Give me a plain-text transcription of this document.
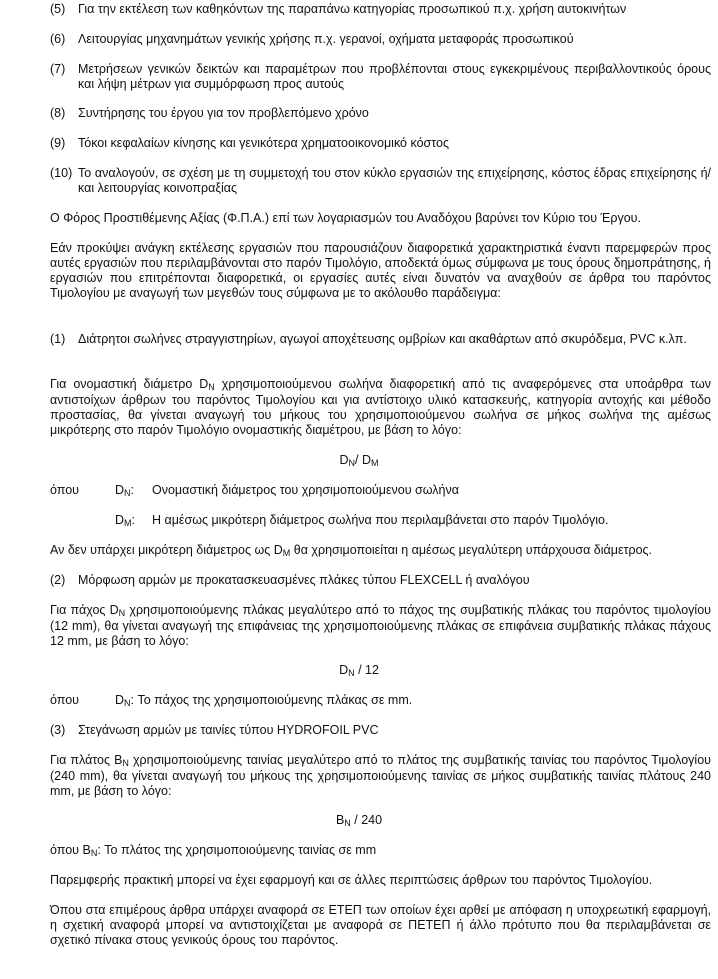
(5)	Για την εκτέλεση των καθηκόντων της παραπάνω κατηγορίας προσωπικού π.χ. χρήση αυτοκινήτων
(6)	Λειτουργίας μηχανημάτων γενικής χρήσης π.χ. γερανοί, οχήματα μεταφοράς προσωπικού
(7)	Μετρήσεων γενικών δεικτών και παραμέτρων που προβλέπονται στους εγκεκριμένους περιβαλλοντικούς όρους και λήψη μέτρων για συμμόρφωση προς αυτούς
(8)	Συντήρησης του έργου για τον προβλεπόμενο χρόνο
(9)	Τόκοι κεφαλαίων κίνησης και γενικότερα χρηματοοικονομικό κόστος
(10) Το αναλογούν, σε σχέση με τη συμμετοχή του στον κύκλο εργασιών της επιχείρησης, κόστος έδρας επιχείρησης ή/και λειτουργίας κοινοπραξίας
Ο Φόρος Προστιθέμενης Αξίας (Φ.Π.Α.) επί των λογαριασμών του Αναδόχου βαρύνει τον Κύριο του Έργου.
Εάν προκύψει ανάγκη εκτέλεσης εργασιών που παρουσιάζουν διαφορετικά χαρακτηριστικά έναντι παρεμφερών προς αυτές εργασιών που περιλαμβάνονται στο παρόν Τιμολόγιο, αποδεκτά όμως σύμφωνα με τους όρους δημοπράτησης, ή εργασιών που επιτρέπονται διαφορετικά, οι εργασίες αυτές είναι δυνατόν να αναχθούν σε άρθρα του παρόντος Τιμολογίου με αναγωγή των μεγεθών τους σύμφωνα με το ακόλουθο παράδειγμα:
(1)	Διάτρητοι σωλήνες στραγγιστηρίων, αγωγοί αποχέτευσης ομβρίων και ακαθάρτων από σκυρόδεμα, PVC κ.λπ.
Για ονομαστική διάμετρο $D_N$ χρησιμοποιούμενου σωλήνα διαφορετική από τις αναφερόμενες στα υποάρθρα των αντιστοίχων άρθρων του παρόντος Τιμολογίου και για αντίστοιχο υλικό κατασκευής, κατηγορία αντοχής και μέθοδο προστασίας, θα γίνεται αναγωγή του μήκους του χρησιμοποιούμενου σωλήνα σε μήκος σωλήνα της αμέσως μικρότερης στο παρόν Τιμολόγιο ονομαστικής διαμέτρου, με βάση το λόγο:
$D_N/$ $D_M$
όπου	$D_N$: Ονομαστική διάμετρος του χρησιμοποιούμενου σωλήνα
$D_M$: Η αμέσως μικρότερη διάμετρος σωλήνα που περιλαμβάνεται στο παρόν Τιμολόγιο.
Αν δεν υπάρχει μικρότερη διάμετρος ως $D_M$ θα χρησιμοποιείται η αμέσως μεγαλύτερη υπάρχουσα διάμετρος.
(2)	Μόρφωση αρμών με προκατασκευασμένες πλάκες τύπου FLEXCELL ή αναλόγου
Για πάχος $D_N$ χρησιμοποιούμενης πλάκας μεγαλύτερο από το πάχος της συμβατικής πλάκας του παρόντος τιμολογίου (12 mm), θα γίνεται αναγωγή της επιφάνειας της χρησιμοποιούμενης πλάκας σε επιφάνεια συμβατικής πλάκας πάχους 12 mm, με βάση το λόγο:
$D_N / 12$
όπου	$D_N$: Το πάχος της χρησιμοποιούμενης πλάκας σε mm.
(3)	Στεγάνωση αρμών με ταινίες τύπου HYDROFOIL PVC
Για πλάτος $B_N$ χρησιμοποιούμενης ταινίας μεγαλύτερο από το πλάτος της συμβατικής ταινίας του παρόντος Τιμολογίου (240 mm), θα γίνεται αναγωγή του μήκους της χρησιμοποιούμενης ταινίας σε μήκος συμβατικής ταινίας πλάτους 240 mm, με βάση το λόγο:
$B_N / 240$
όπου $B_N$: Το πλάτος της χρησιμοποιούμενης ταινίας σε mm
Παρεμφερής πρακτική μπορεί να έχει εφαρμογή και σε άλλες περιπτώσεις άρθρων του παρόντος Τιμολογίου.
Όπου στα επιμέρους άρθρα υπάρχει αναφορά σε ΕΤΕΠ των οποίων έχει αρθεί με απόφαση η υποχρεωτική εφαρμογή, η σχετική αναφορά μπορεί να αντιστοιχίζεται με αναφορά σε ΠΕΤΕΠ ή άλλο πρότυπο που θα περιλαμβάνεται σε σχετικό πίνακα στους γενικούς όρους του παρόντος.
